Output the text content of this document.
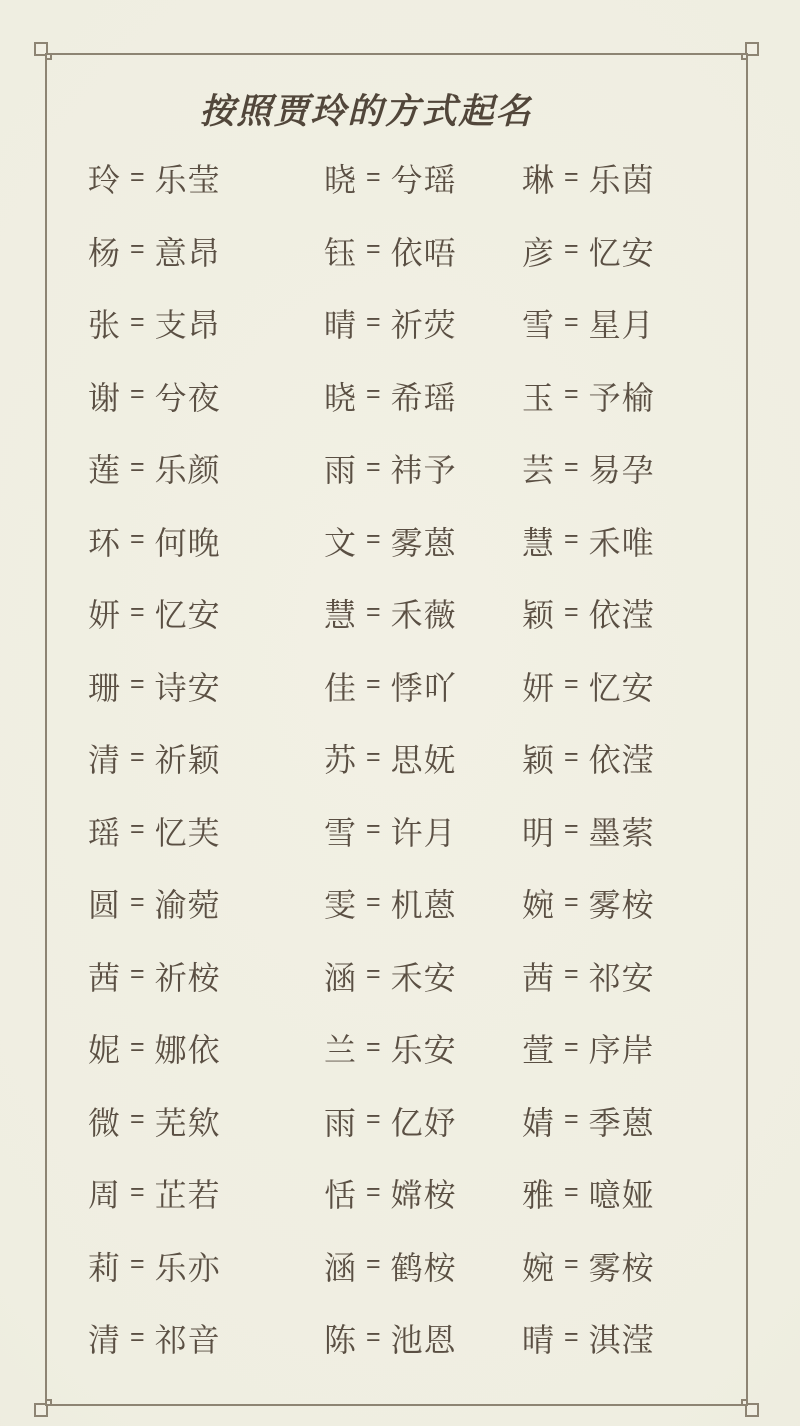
按照贾玲的方式起名
玲 = 乐莹	晓 = 兮瑶 琳 = 乐茵
杨 = 意昂	钰 = 依唔 彦 = 忆安
张 = 支昂	晴 = 祈荧 雪 = 星月
谢 = 兮夜	晓 = 希瑶 玉 = 予榆
莲 = 乐颜	雨 = 祎予 芸 = 易孕
环 = 何晚	文 = 雾蒽 慧 = 禾唯
妍 = 忆安	慧 = 禾薇 颖 = 依滢
珊 = 诗安	佳 = 悸吖 妍 = 忆安
清 = 祈颖	苏 = 思妩 颖 = 依滢
瑶 = 忆芙	雪 = 许月 明 = 墨萦
圆 = 渝菀	雯 = 机蒽 婉 = 雾桉
茜 = 祈桉	涵 = 禾安 茜 = 祁安
妮 = 娜依	兰 = 乐安 萱 = 序岸
微 = 芜欸	雨 = 亿妤 婧 = 季蒽
周 = 芷若	恬 = 嫦桉 雅 = 噫娅
莉 = 乐亦	涵 = 鹤桉 婉 = 雾桉
清 = 祁音	陈 = 池恩 晴 = 淇滢
